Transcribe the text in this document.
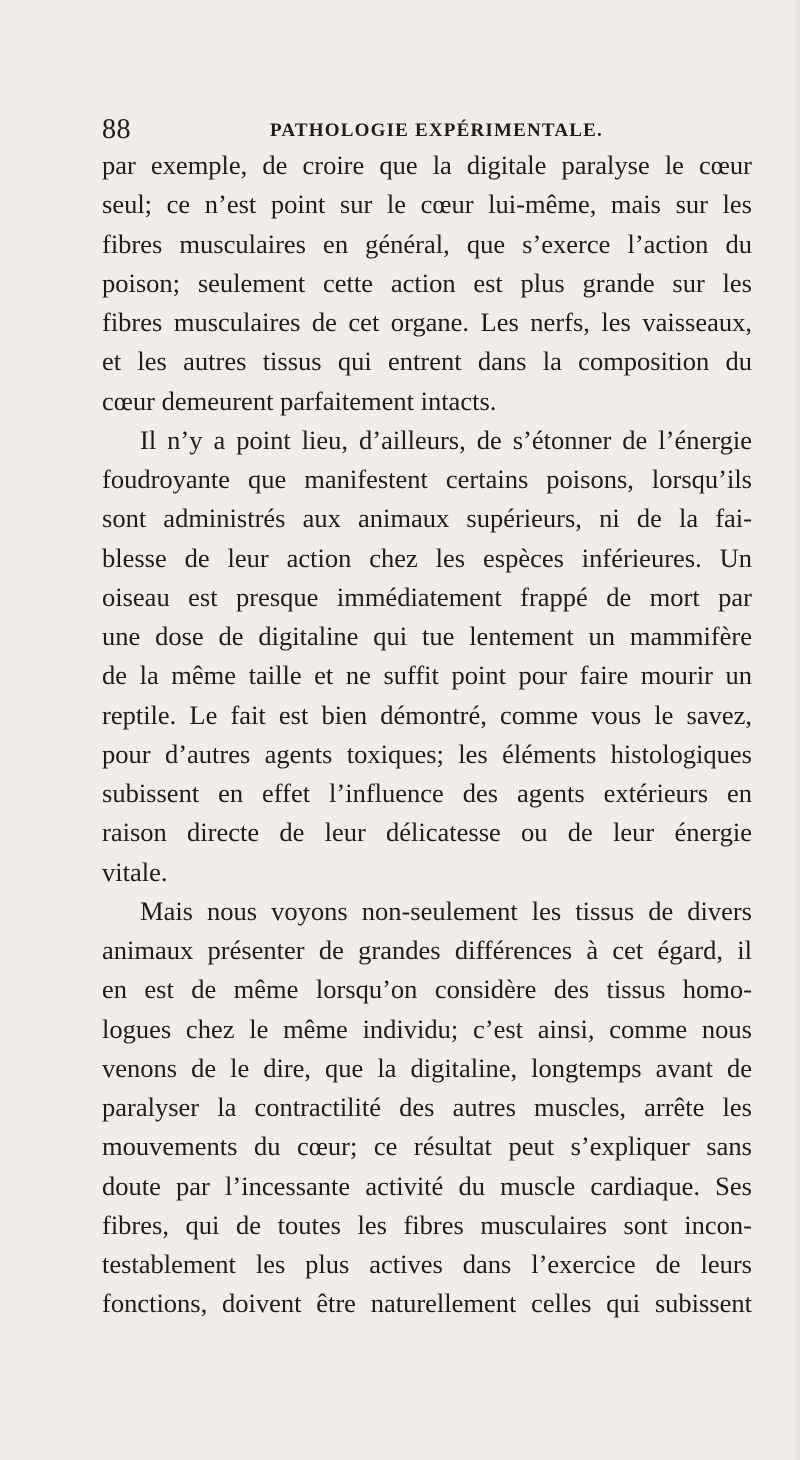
88	PATHOLOGIE EXPÉRIMENTALE.
par exemple, de croire que la digitale paralyse le cœur
seul; ce n’est point sur le cœur lui-même, mais sur les
fibres musculaires en général, que s’exerce l’action du
poison; seulement cette action est plus grande sur les
fibres musculaires de cet organe. Les nerfs, les vaisseaux,
et les autres tissus qui entrent dans la composition du
cœur demeurent parfaitement intacts.
Il n’y a point lieu, d’ailleurs, de s’étonner de l’énergie
foudroyante que manifestent certains poisons, lorsqu’ils
sont administrés aux animaux supérieurs, ni de la fai-
blesse de leur action chez les espèces inférieures. Un
oiseau est presque immédiatement frappé de mort par
une dose de digitaline qui tue lentement un mammifère
de la même taille et ne suffit point pour faire mourir un
reptile. Le fait est bien démontré, comme vous le savez,
pour d’autres agents toxiques; les éléments histologiques
subissent en effet l’influence des agents extérieurs en
raison directe de leur délicatesse ou de leur énergie
vitale.
Mais nous voyons non-seulement les tissus de divers
animaux présenter de grandes différences à cet égard, il
en est de même lorsqu’on considère des tissus homo-
logues chez le même individu; c’est ainsi, comme nous
venons de le dire, que la digitaline, longtemps avant de
paralyser la contractilité des autres muscles, arrête les
mouvements du cœur; ce résultat peut s’expliquer sans
doute par l’incessante activité du muscle cardiaque. Ses
fibres, qui de toutes les fibres musculaires sont incon-
testablement les plus actives dans l’exercice de leurs
fonctions, doivent être naturellement celles qui subissent
